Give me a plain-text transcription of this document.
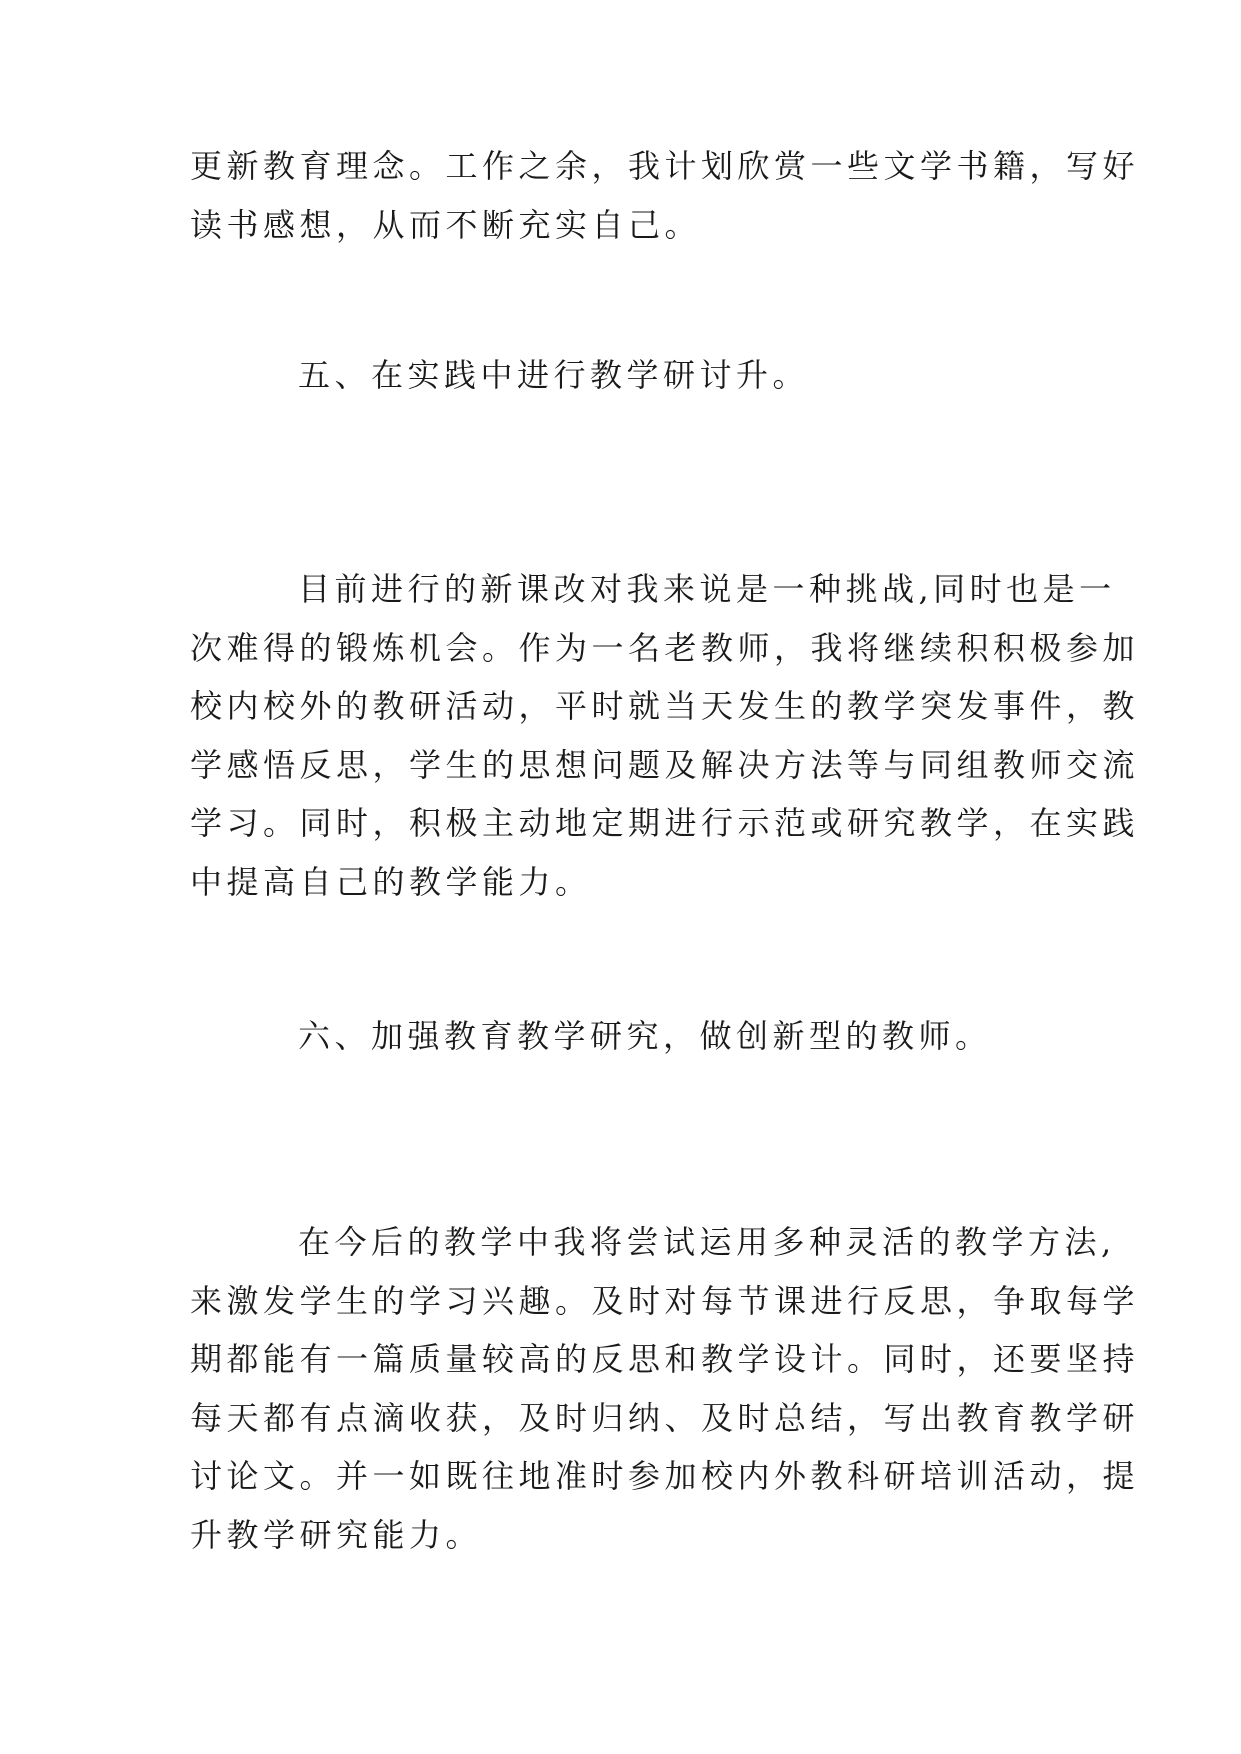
更新教育理念。工作之余，我计划欣赏一些文学书籍，写好
读书感想，从而不断充实自己。
五、在实践中进行教学研讨升。
目前进行的新课改对我来说是一种挑战,同时也是一
次难得的锻炼机会。作为一名老教师，我将继续积积极参加
校内校外的教研活动，平时就当天发生的教学突发事件，教
学感悟反思，学生的思想问题及解决方法等与同组教师交流
学习。同时，积极主动地定期进行示范或研究教学，在实践
中提高自己的教学能力。
六、加强教育教学研究，做创新型的教师。
在今后的教学中我将尝试运用多种灵活的教学方法,
来激发学生的学习兴趣。及时对每节课进行反思，争取每学
期都能有一篇质量较高的反思和教学设计。同时，还要坚持
每天都有点滴收获，及时归纳、及时总结，写出教育教学研
讨论文。并一如既往地准时参加校内外教科研培训活动，提
升教学研究能力。
